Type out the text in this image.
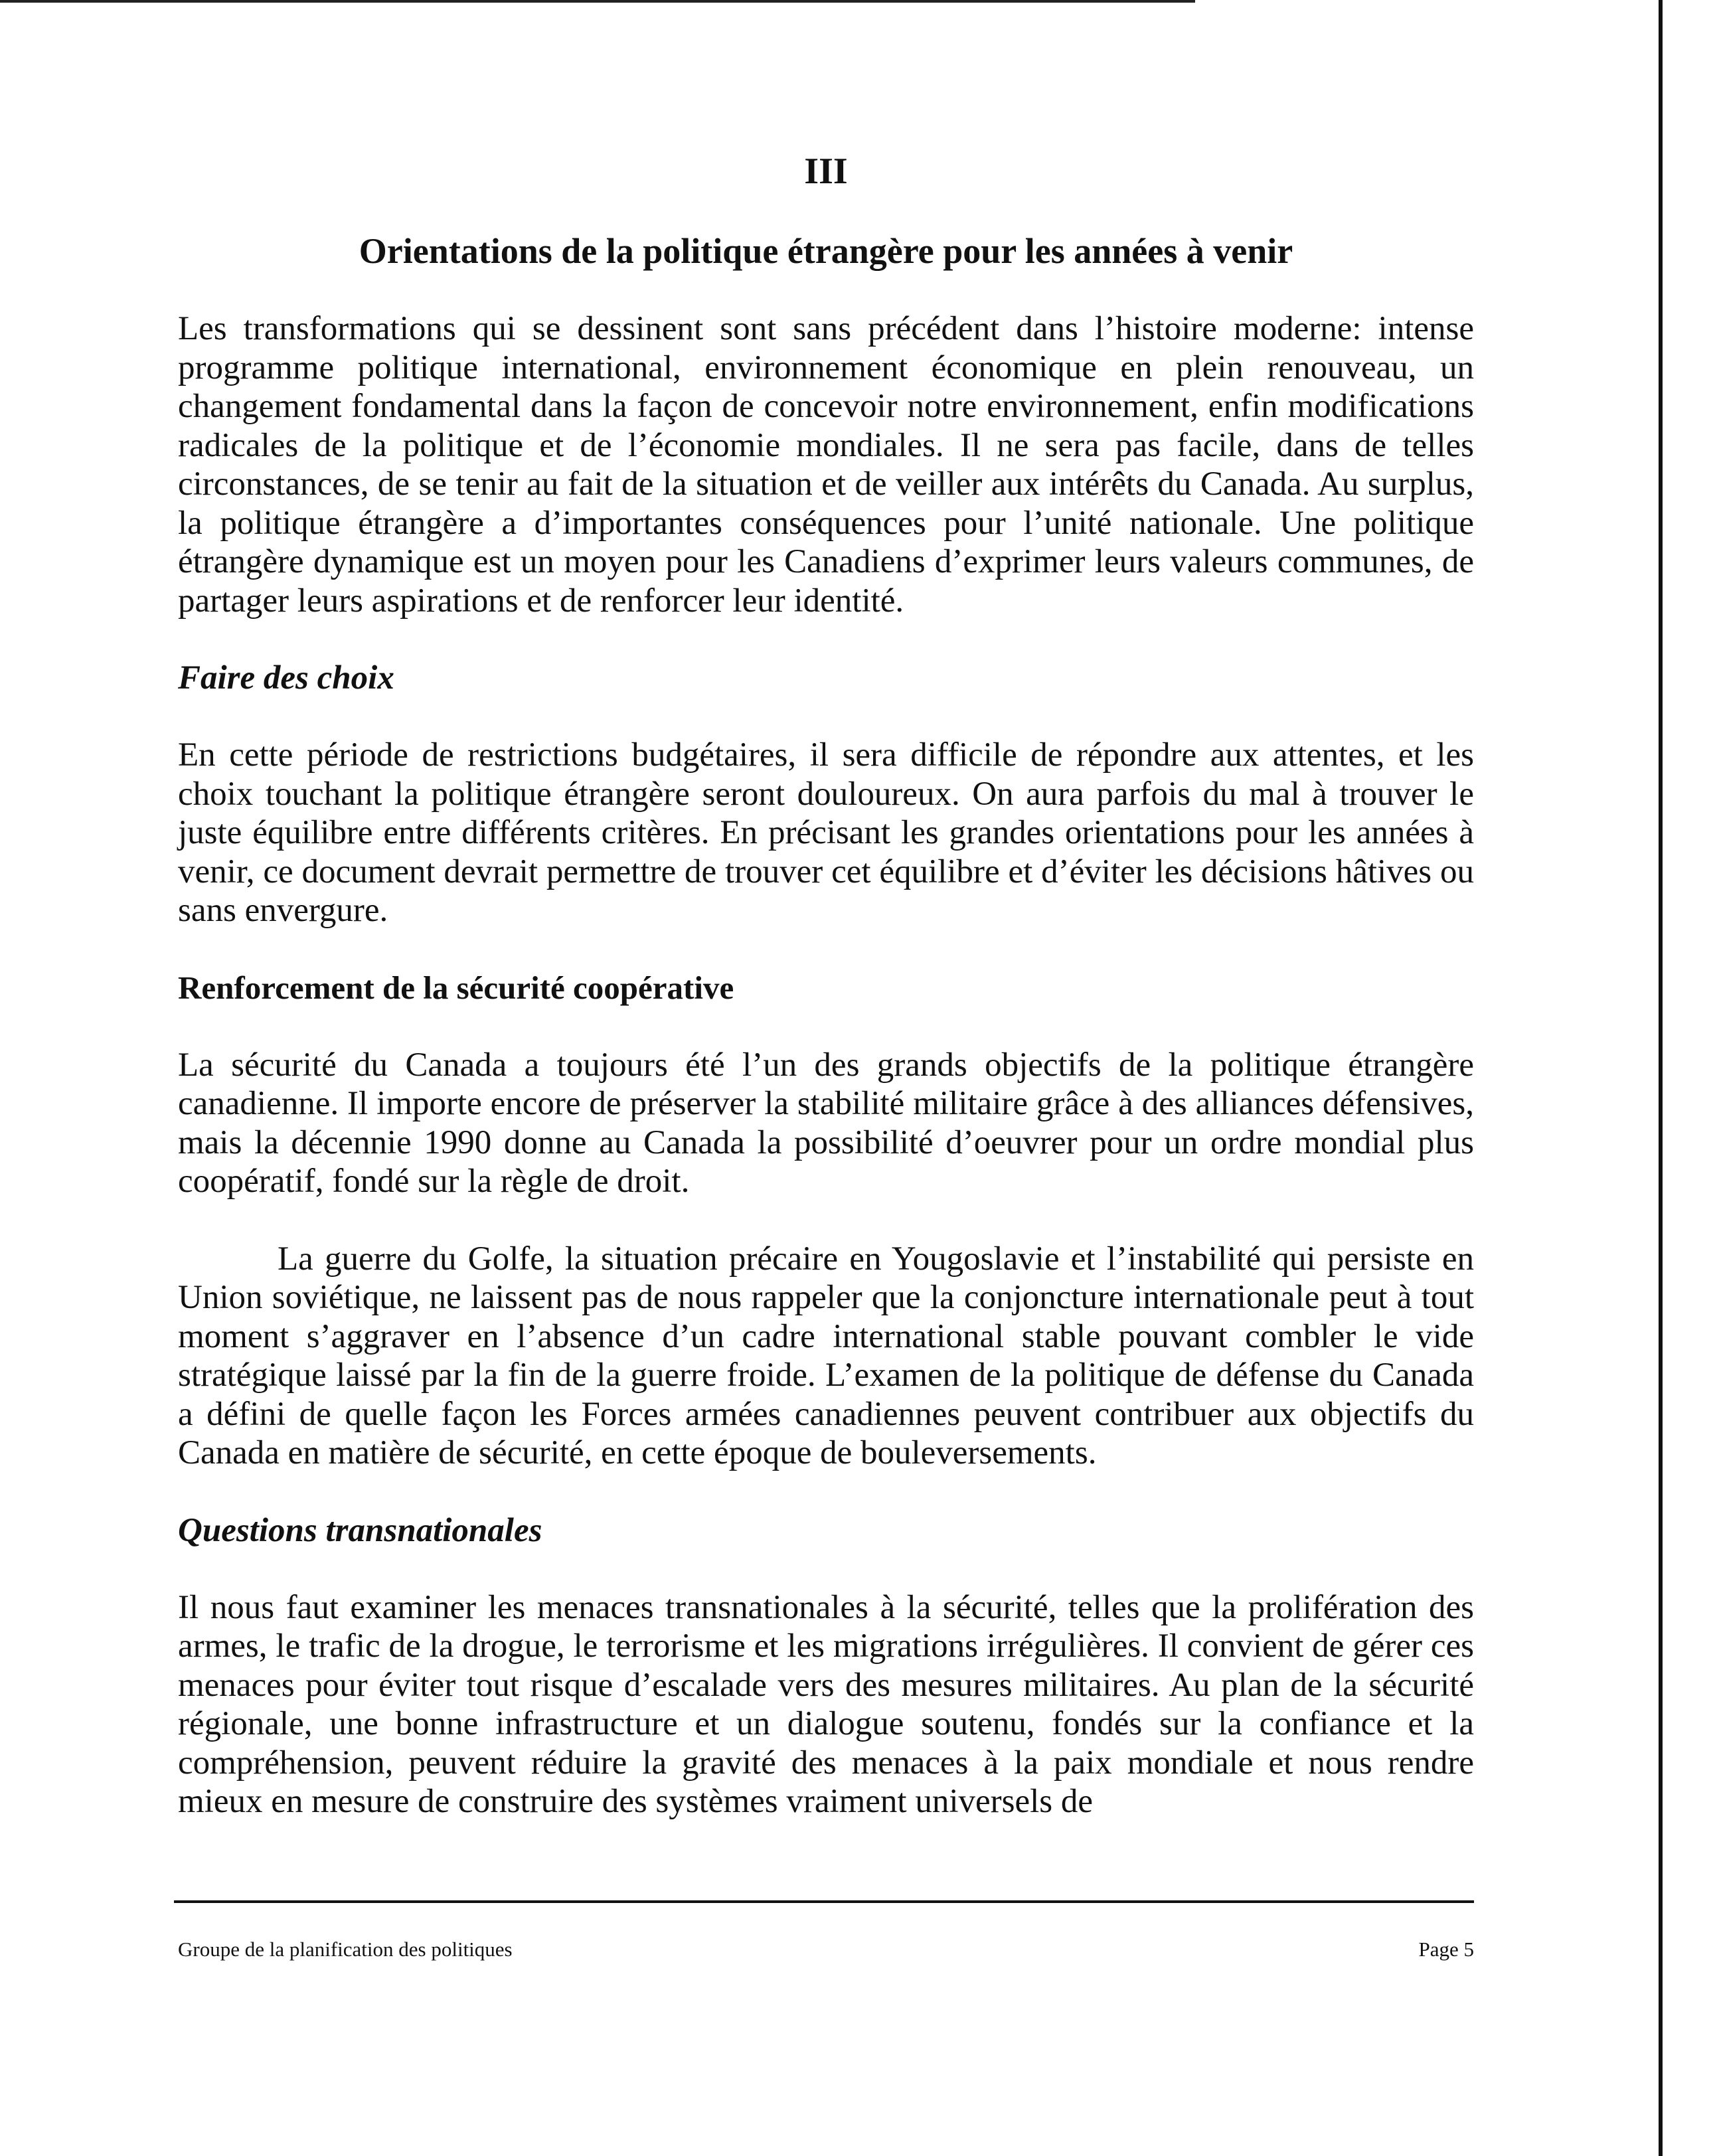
III
Orientations de la politique étrangère pour les années à venir

Les transformations qui se dessinent sont sans précédent dans l’histoire moderne: intense programme politique international, environnement économique en plein renouveau, un changement fondamental dans la façon de concevoir notre environnement, enfin modifications radicales de la politique et de l’économie mondiales. Il ne sera pas facile, dans de telles circonstances, de se tenir au fait de la situation et de veiller aux intérêts du Canada. Au surplus, la politique étrangère a d’importantes conséquences pour l’unité nationale. Une politique étrangère dynamique est un moyen pour les Canadiens d’exprimer leurs valeurs communes, de partager leurs aspirations et de renforcer leur identité.

Faire des choix

En cette période de restrictions budgétaires, il sera difficile de répondre aux attentes, et les choix touchant la politique étrangère seront douloureux. On aura parfois du mal à trouver le juste équilibre entre différents critères. En précisant les grandes orientations pour les années à venir, ce document devrait permettre de trouver cet équilibre et d’éviter les décisions hâtives ou sans envergure.

Renforcement de la sécurité coopérative

La sécurité du Canada a toujours été l’un des grands objectifs de la politique étrangère canadienne. Il importe encore de préserver la stabilité militaire grâce à des alliances défensives, mais la décennie 1990 donne au Canada la possibilité d’oeuvrer pour un ordre mondial plus coopératif, fondé sur la règle de droit.

La guerre du Golfe, la situation précaire en Yougoslavie et l’instabilité qui persiste en Union soviétique, ne laissent pas de nous rappeler que la conjoncture internationale peut à tout moment s’aggraver en l’absence d’un cadre international stable pouvant combler le vide stratégique laissé par la fin de la guerre froide. L’examen de la politique de défense du Canada a défini de quelle façon les Forces armées canadiennes peuvent contribuer aux objectifs du Canada en matière de sécurité, en cette époque de bouleversements.

Questions transnationales

Il nous faut examiner les menaces transnationales à la sécurité, telles que la prolifération des armes, le trafic de la drogue, le terrorisme et les migrations irrégulières. Il convient de gérer ces menaces pour éviter tout risque d’escalade vers des mesures militaires. Au plan de la sécurité régionale, une bonne infrastructure et un dialogue soutenu, fondés sur la confiance et la compréhension, peuvent réduire la gravité des menaces à la paix mondiale et nous rendre mieux en mesure de construire des systèmes vraiment universels de

Groupe de la planification des politiques	Page 5
